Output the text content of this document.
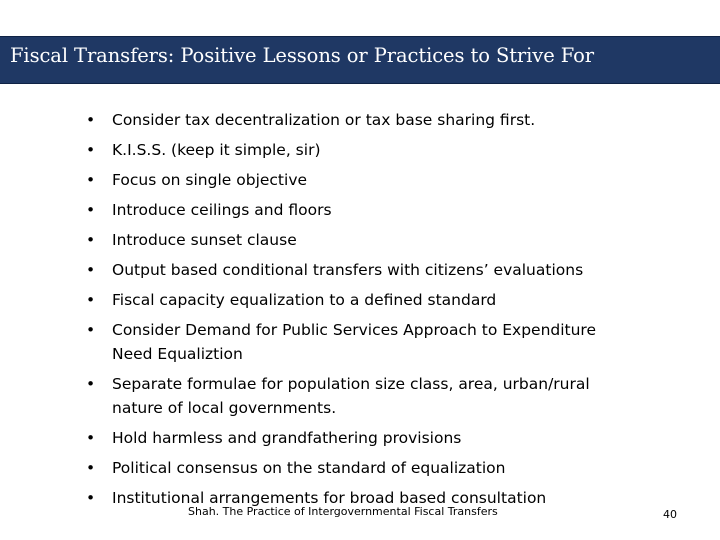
Fiscal Transfers: Positive Lessons or Practices to Strive For
• Consider tax decentralization or tax base sharing first.
• K.I.S.S. (keep it simple, sir)
• Focus on single objective
• Introduce ceilings and floors
• Introduce sunset clause
• Output based conditional transfers with citizens’ evaluations
• Fiscal capacity equalization to a defined standard
• Consider Demand for Public Services Approach to Expenditure Need Equaliztion
• Separate formulae for population size class, area, urban/rural nature of local governments.
• Hold harmless and grandfathering provisions
• Political consensus on the standard of equalization
• Institutional arrangements for broad based consultation
Shah. The Practice of Intergovernmental Fiscal Transfers	40
